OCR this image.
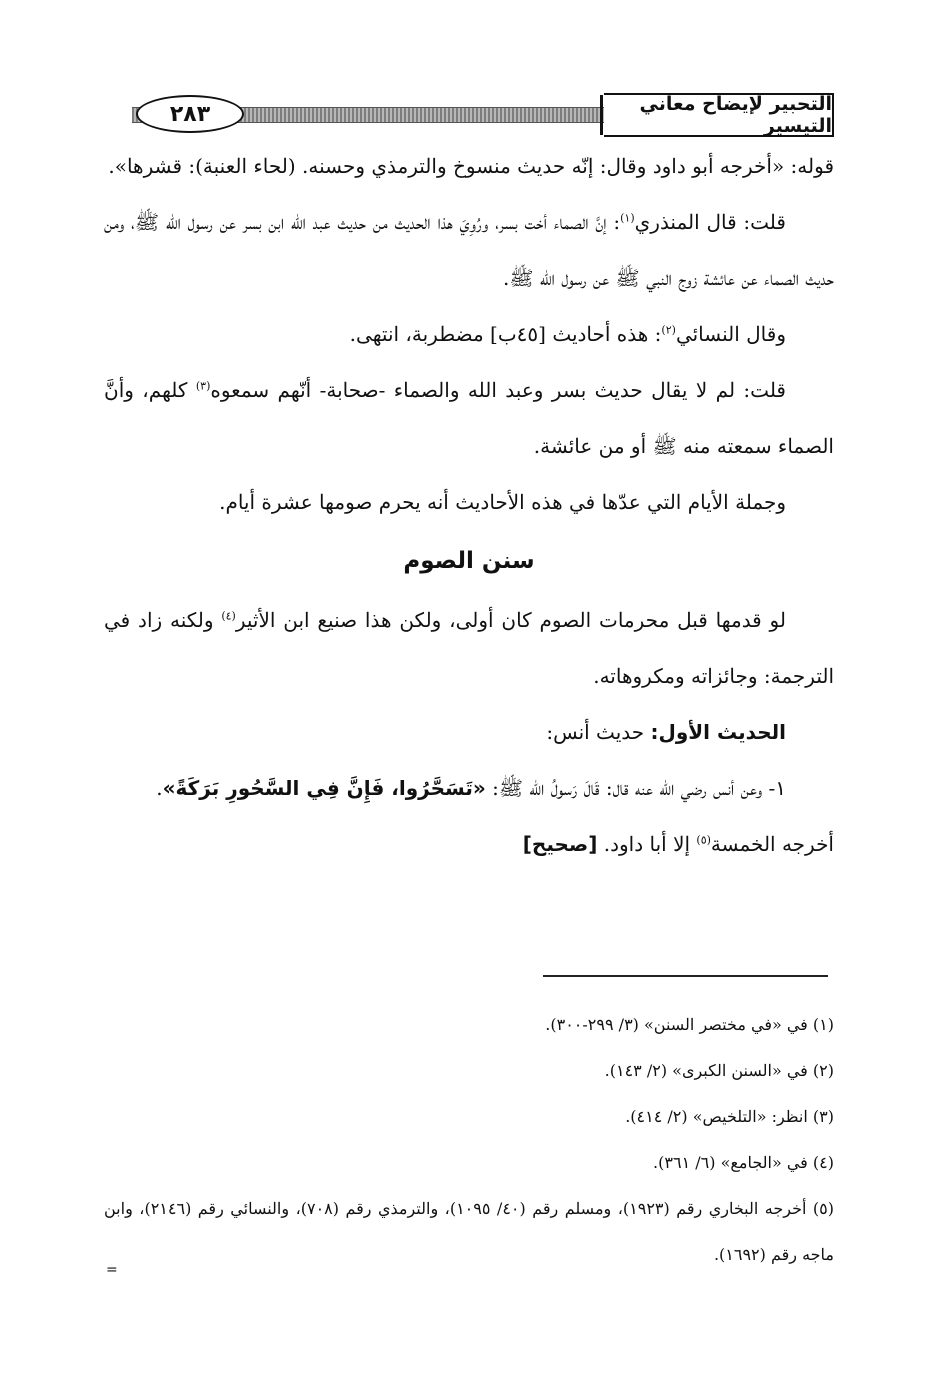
٢٨٣	التحبير لإيضاح معاني التيسير

قوله: «أخرجه أبو داود وقال: إنّه حديث منسوخ والترمذي وحسنه. (لحاء العنبة): قشرها».

قلت: قال المنذري$^{(١)}$: إنَّ الصماء أخت بسر، ورُوِيَ هذا الحديث من حديث عبد الله ابن بسر عن رسول الله ﷺ، ومن حديث الصماء عن عائشة زوج النبي ﷺ عن رسول الله ﷺ.

وقال النسائي$^{(٢)}$: هذه أحاديث [٤٥ب] مضطربة، انتهى.

قلت: لم لا يقال حديث بسر وعبد الله والصماء -صحابة- أنّهم سمعوه$^{(٣)}$ كلهم، وأنَّ الصماء سمعته منه ﷺ أو من عائشة.

وجملة الأيام التي عدّها في هذه الأحاديث أنه يحرم صومها عشرة أيام.

سنن الصوم

لو قدمها قبل محرمات الصوم كان أولى، ولكن هذا صنيع ابن الأثير$^{(٤)}$ ولكنه زاد في الترجمة: وجائزاته ومكروهاته.

الحديث الأول: حديث أنس:

١- وعن أنس رضي الله عنه قال: قَالَ رَسولُ الله ﷺ: «تَسَحَّرُوا، فَإِنَّ فِي السَّحُورِ بَرَكَةً».

أخرجه الخمسة$^{(٥)}$ إلا أبا داود. [صحيح]

(١) في «في مختصر السنن» (٣/ ٢٩٩-٣٠٠).

(٢) في «السنن الكبرى» (٢/ ١٤٣).

(٣) انظر: «التلخيص» (٢/ ٤١٤).

(٤) في «الجامع» (٦/ ٣٦١).

(٥) أخرجه البخاري رقم (١٩٢٣)، ومسلم رقم (٤٠/ ١٠٩٥)، والترمذي رقم (٧٠٨)، والنسائي رقم (٢١٤٦)، وابن ماجه رقم (١٦٩٢).

=
